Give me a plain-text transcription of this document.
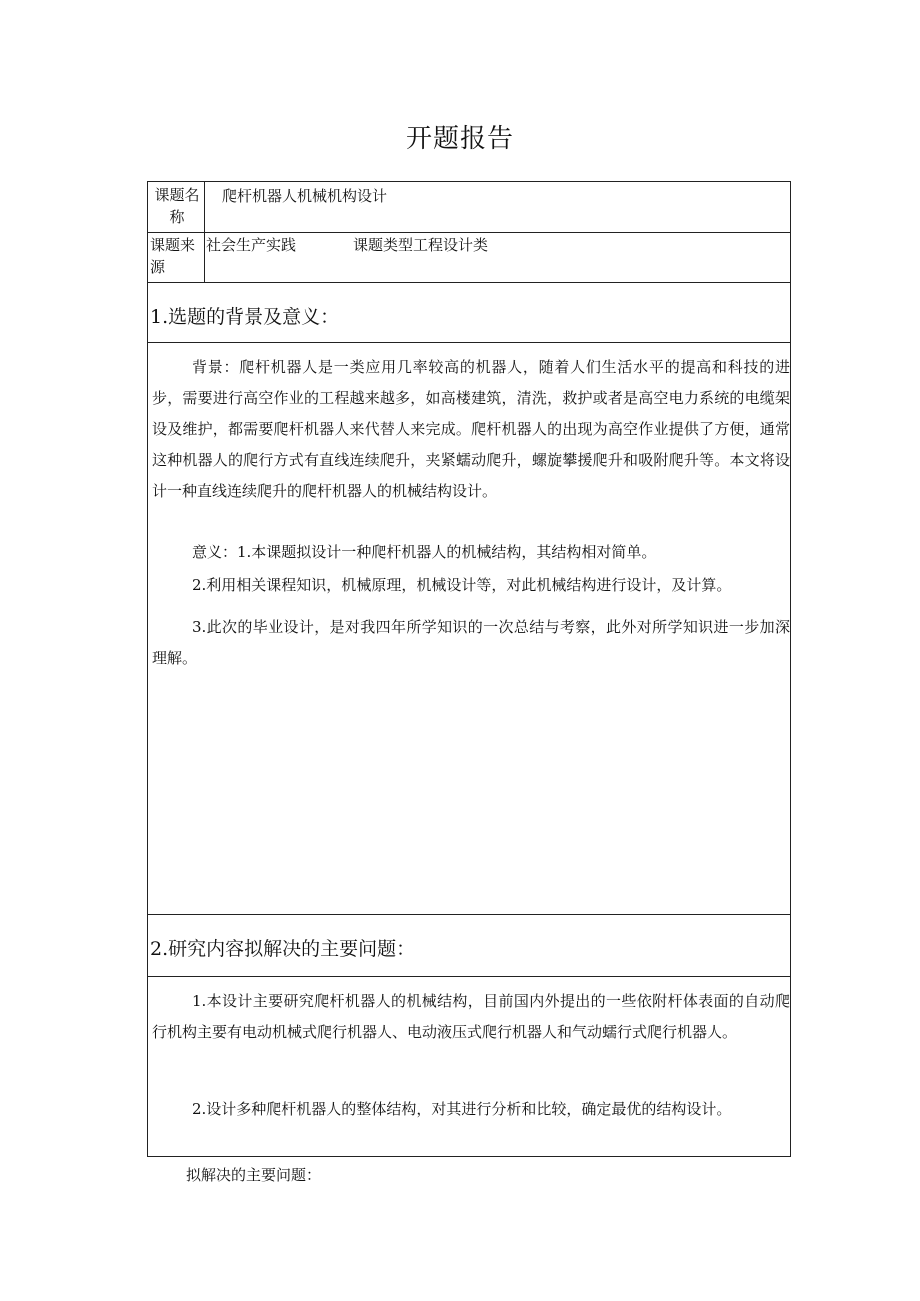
开题报告
课题名称
爬杆机器人机械机构设计
课题来源
社会生产实践	课题类型工程设计类
1.选题的背景及意义：
背景：爬杆机器人是一类应用几率较高的机器人，随着人们生活水平的提高和科技的进步，需要进行高空作业的工程越来越多，如高楼建筑，清洗，救护或者是高空电力系统的电缆架设及维护，都需要爬杆机器人来代替人来完成。爬杆机器人的出现为高空作业提供了方便，通常这种机器人的爬行方式有直线连续爬升，夹紧蠕动爬升，螺旋攀援爬升和吸附爬升等。本文将设计一种直线连续爬升的爬杆机器人的机械结构设计。
意义：1.本课题拟设计一种爬杆机器人的机械结构，其结构相对简单。
2.利用相关课程知识，机械原理，机械设计等，对此机械结构进行设计，及计算。
3.此次的毕业设计，是对我四年所学知识的一次总结与考察，此外对所学知识进一步加深理解。
2.研究内容拟解决的主要问题：
1.本设计主要研究爬杆机器人的机械结构，目前国内外提出的一些依附杆体表面的自动爬行机构主要有电动机械式爬行机器人、电动液压式爬行机器人和气动蠕行式爬行机器人。
2.设计多种爬杆机器人的整体结构，对其进行分析和比较，确定最优的结构设计。
拟解决的主要问题：
